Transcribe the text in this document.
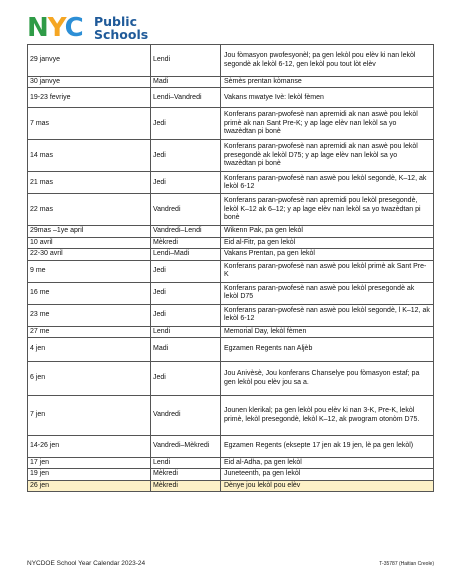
NYC Public
Schools
29 janvye	Lendi	Jou fòmasyon pwofesyonèl; pa gen lekòl pou elèv ki nan lekòl segondè ak lekòl 6-12, gen lekòl pou tout lòt elèv
30 janvye	Madi	Sèmès prentan kòmanse
19-23 fevriye	Lendi–Vandredi	Vakans mwatye Ivè: lekòl fèmen
7 mas	Jedi	Konferans paran-pwofesè nan apremidi ak nan aswè pou lekòl primè ak nan Sant Pre-K; y ap lage elèv nan lekòl sa yo twazèdtan pi bonè
14 mas	Jedi	Konferans paran-pwofesè nan apremidi ak nan aswè pou lekòl presegondè ak lekòl D75; y ap lage elèv nan lekòl sa yo twazèdtan pi bonè
21 mas	Jedi	Konferans paran-pwofesè nan aswè pou lekòl segondè, K–12, ak lekòl 6-12
22 mas	Vandredi	Konferans paran-pwofesè nan apremidi pou lekòl presegondè, lekòl K–12 ak 6–12; y ap lage elèv nan lekòl sa yo twazèdtan pi bonè
29mas –1ye april	Vandredi–Lendi	Wikenn Pak, pa gen lekòl
10 avril	Mèkredi	Eid al-Fitr, pa gen lekòl
22-30 avril	Lendi–Madi	Vakans Prentan, pa gen lekòl
9 me	Jedi	Konferans paran-pwofesè nan aswè pou lekòl primè ak Sant Pre-K
16 me	Jedi	Konferans paran-pwofesè nan aswè pou lekòl presegondè ak lekòl D75
23 me	Jedi	Konferans paran-pwofesè nan aswè pou lekòl segondè, l K–12, ak lekòl 6-12
27 me	Lendi	Memorial Day, lekòl fèmen
4 jen	Madi	Egzamen Regents nan Aljèb
6 jen	Jedi	Jou Anivèsè, Jou konferans Chanselye pou fòmasyon estaf; pa gen lekòl pou elèv jou sa a.
7 jen	Vandredi	Jounen klerikal; pa gen lekòl pou elèv ki nan 3-K, Pre-K, lekòl primè, lekòl presegondè, lekòl K–12, ak pwogram otonòm D75.
14-26 jen	Vandredi–Mèkredi	Egzamen Regents (eksepte 17 jen ak 19 jen, lè pa gen lekòl)
17 jen	Lendi	Eid al-Adha, pa gen lekòl
19 jen	Mèkredi	Juneteenth, pa gen lekòl
26 jen	Mèkredi	Dènye jou lekòl pou elèv
NYCDOE School Year Calendar 2023-24	T-35787 (Haitian Creole)
